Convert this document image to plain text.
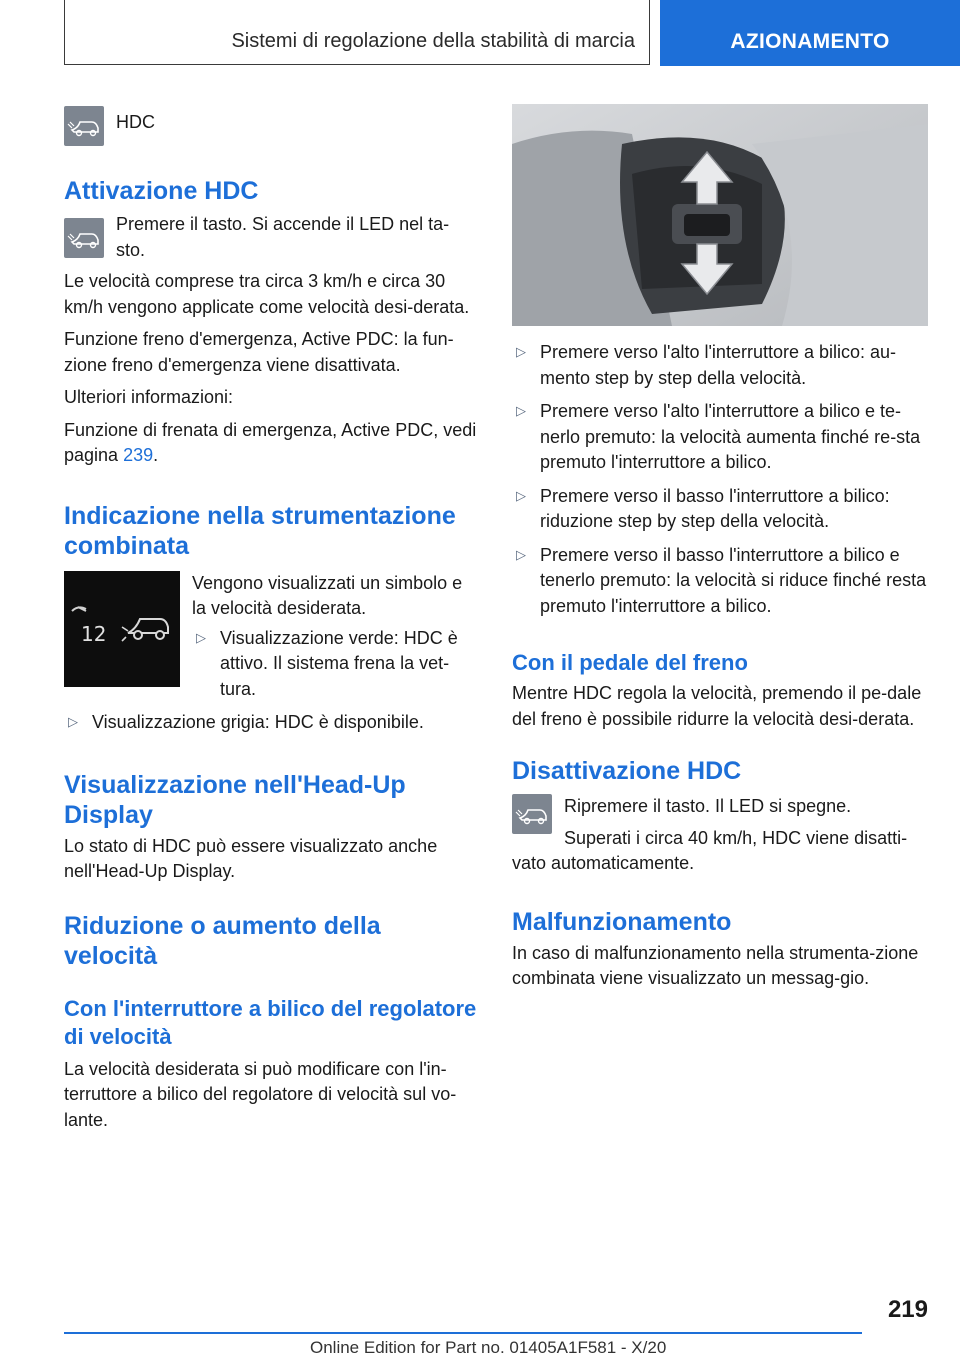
Sistemi di regolazione della stabilità di marcia	AZIONAMENTO
HDC
Attivazione HDC

Premere il tasto. Si accende il LED nel ta-sto.

Le velocità comprese tra circa 3 km/h e circa 30 km/h vengono applicate come velocità desi-derata.

Funzione freno d'emergenza, Active PDC: la fun-zione freno d'emergenza viene disattivata.

Ulteriori informazioni:

Funzione di frenata di emergenza, Active PDC, vedi pagina 239.

Indicazione nella strumentazione combinata
12

Vengono visualizzati un simbolo e la velocità desiderata.

▷ Visualizzazione verde: HDC è attivo. Il sistema frena la vet-tura.

▷ Visualizzazione grigia: HDC è disponibile.

Visualizzazione nell'Head-Up Display

Lo stato di HDC può essere visualizzato anche nell'Head-Up Display.

Riduzione o aumento della velocità
Con l'interruttore a bilico del regolatore di velocità

La velocità desiderata si può modificare con l'in-terruttore a bilico del regolatore di velocità sul vo-lante.

▷ Premere verso l'alto l'interruttore a bilico: au-mento step by step della velocità.

▷ Premere verso l'alto l'interruttore a bilico e te-nerlo premuto: la velocità aumenta finché re-sta premuto l'interruttore a bilico.

▷ Premere verso il basso l'interruttore a bilico: riduzione step by step della velocità.

▷ Premere verso il basso l'interruttore a bilico e tenerlo premuto: la velocità si riduce finché resta premuto l'interruttore a bilico.

Con il pedale del freno

Mentre HDC regola la velocità, premendo il pe-dale del freno è possibile ridurre la velocità desi-derata.

Disattivazione HDC

Ripremere il tasto. Il LED si spegne.

Superati i circa 40 km/h, HDC viene disatti-vato automaticamente.

Malfunzionamento

In caso di malfunzionamento nella strumenta-zione combinata viene visualizzato un messag-gio.

219
Online Edition for Part no. 01405A1F581 - X/20
